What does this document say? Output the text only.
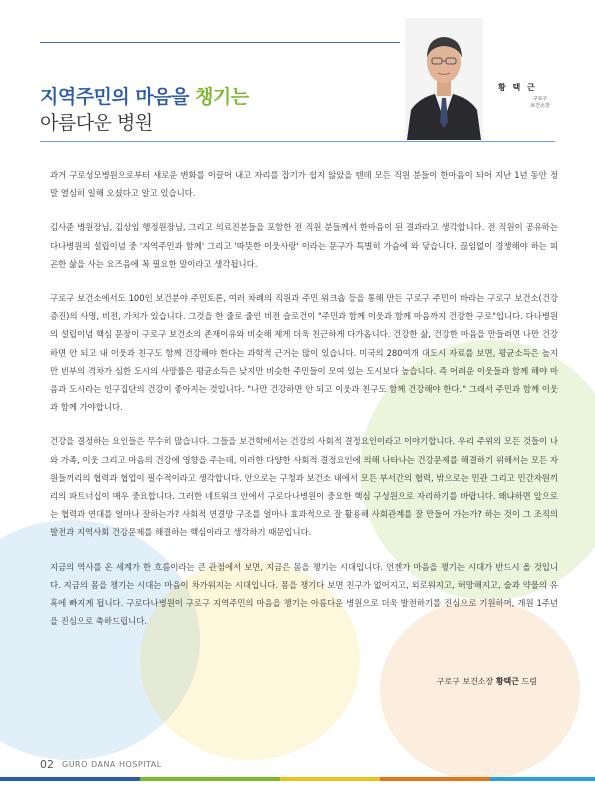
지역주민의 마음을 챙기는
아름다운 병원
황 택 근
구로구
보건소장

과거 구로성모병원으로부터 새로운 변화를 이끌어 내고 자리를 잡기가 쉽지 않았을 텐데 모든 직원 분들이 한마음이 되어 지난 1년 동안 정말 열심히 일해 오셨다고 알고 있습니다.

김사준 병원장님, 김상임 행정원장님, 그리고 의료진분들을 포함한 전 직원 분들께서 한마음이 된 결과라고 생각합니다. 전 직원이 공유하는 다나병원의 설립이념 중 '지역주민과 함께' 그리고 '따뜻한 이웃사랑' 이라는 문구가 특별히 가슴에 와 닿습니다. 끊임없이 경쟁해야 하는 피곤한 삶을 사는 요즈음에 꼭 필요한 말이라고 생각됩니다.

구로구 보건소에서도 100인 보건분야 주민토론, 여러 차례의 직원과 주민 워크숍 등을 통해 만든 구로구 주민이 바라는 구로구 보건소(건강증진)의 사명, 비전, 가치가 있습니다. 그것을 한 줄로 줄인 비전 슬로건이 "주민과 함께 이웃과 함께 마음까지 건강한 구로"입니다. 다나병원의 설립이념 핵심 문장이 구로구 보건소의 존재이유와 비슷해 제게 더욱 친근하게 다가옵니다. 건강한 삶, 건강한 마음을 만들려면 나만 건강하면 안 되고 내 이웃과 친구도 함께 건강해야 한다는 과학적 근거는 많이 있습니다. 미국의 280여개 대도시 자료를 보면, 평균소득은 높지만 빈부의 격차가 심한 도시의 사망률은 평균소득은 낮지만 비슷한 주민들이 모여 있는 도시보다 높습니다. 즉 어려운 이웃들과 함께 해야 마음과 도시라는 인구집단의 건강이 좋아지는 것입니다. "나만 건강하면 안 되고 이웃과 친구도 함께 건강해야 한다." 그래서 주민과 함께 이웃과 함께 가야합니다.

건강을 결정하는 요인들은 무수히 많습니다. 그들을 보건학에서는 건강의 사회적 결정요인이라고 이야기합니다. 우리 주위의 모든 것들이 나와 가족, 이웃 그리고 마음의 건강에 영향을 주는데, 이러한 다양한 사회적 결정요인에 의해 나타나는 건강문제를 해결하기 위해서는 모든 자원들끼리의 협력과 협업이 필수적이라고 생각합니다. 안으로는 구청과 보건소 내에서 모든 부서간의 협력, 밖으로는 민관 그리고 민간자원끼리의 파트너십이 매우 중요합니다. 그러한 네트워크 안에서 구로다나병원이 중요한 핵심 구성원으로 자리하기를 바랍니다. 왜냐하면 앞으로는 협력과 연대를 얼마나 잘하는가? 사회적 연결망 구조를 얼마나 효과적으로 잘 활용해 사회관계를 잘 만들어 가는가? 하는 것이 그 조직의 발전과 지역사회 건강문제를 해결하는 핵심이라고 생각하기 때문입니다.

지금의 역사를 온 세계가 한 흐름이라는 큰 관점에서 보면, 지금은 몸을 챙기는 시대입니다. 언젠가 마음을 챙기는 시대가 반드시 올 것입니다. 지금의 몸을 챙기는 시대는 마음이 차가워지는 시대입니다. 몸을 챙기다 보면 친구가 없어지고, 외로워지고, 허망해지고, 술과 약물의 유혹에 빠지게 됩니다. 구로다나병원이 구로구 지역주민의 마음을 챙기는 아름다운 병원으로 더욱 발전하기를 진심으로 기원하며, 개원 1주년을 진심으로 축하드립니다.

구로구 보건소장 황택근 드림
02 GURO DANA HOSPITAL
